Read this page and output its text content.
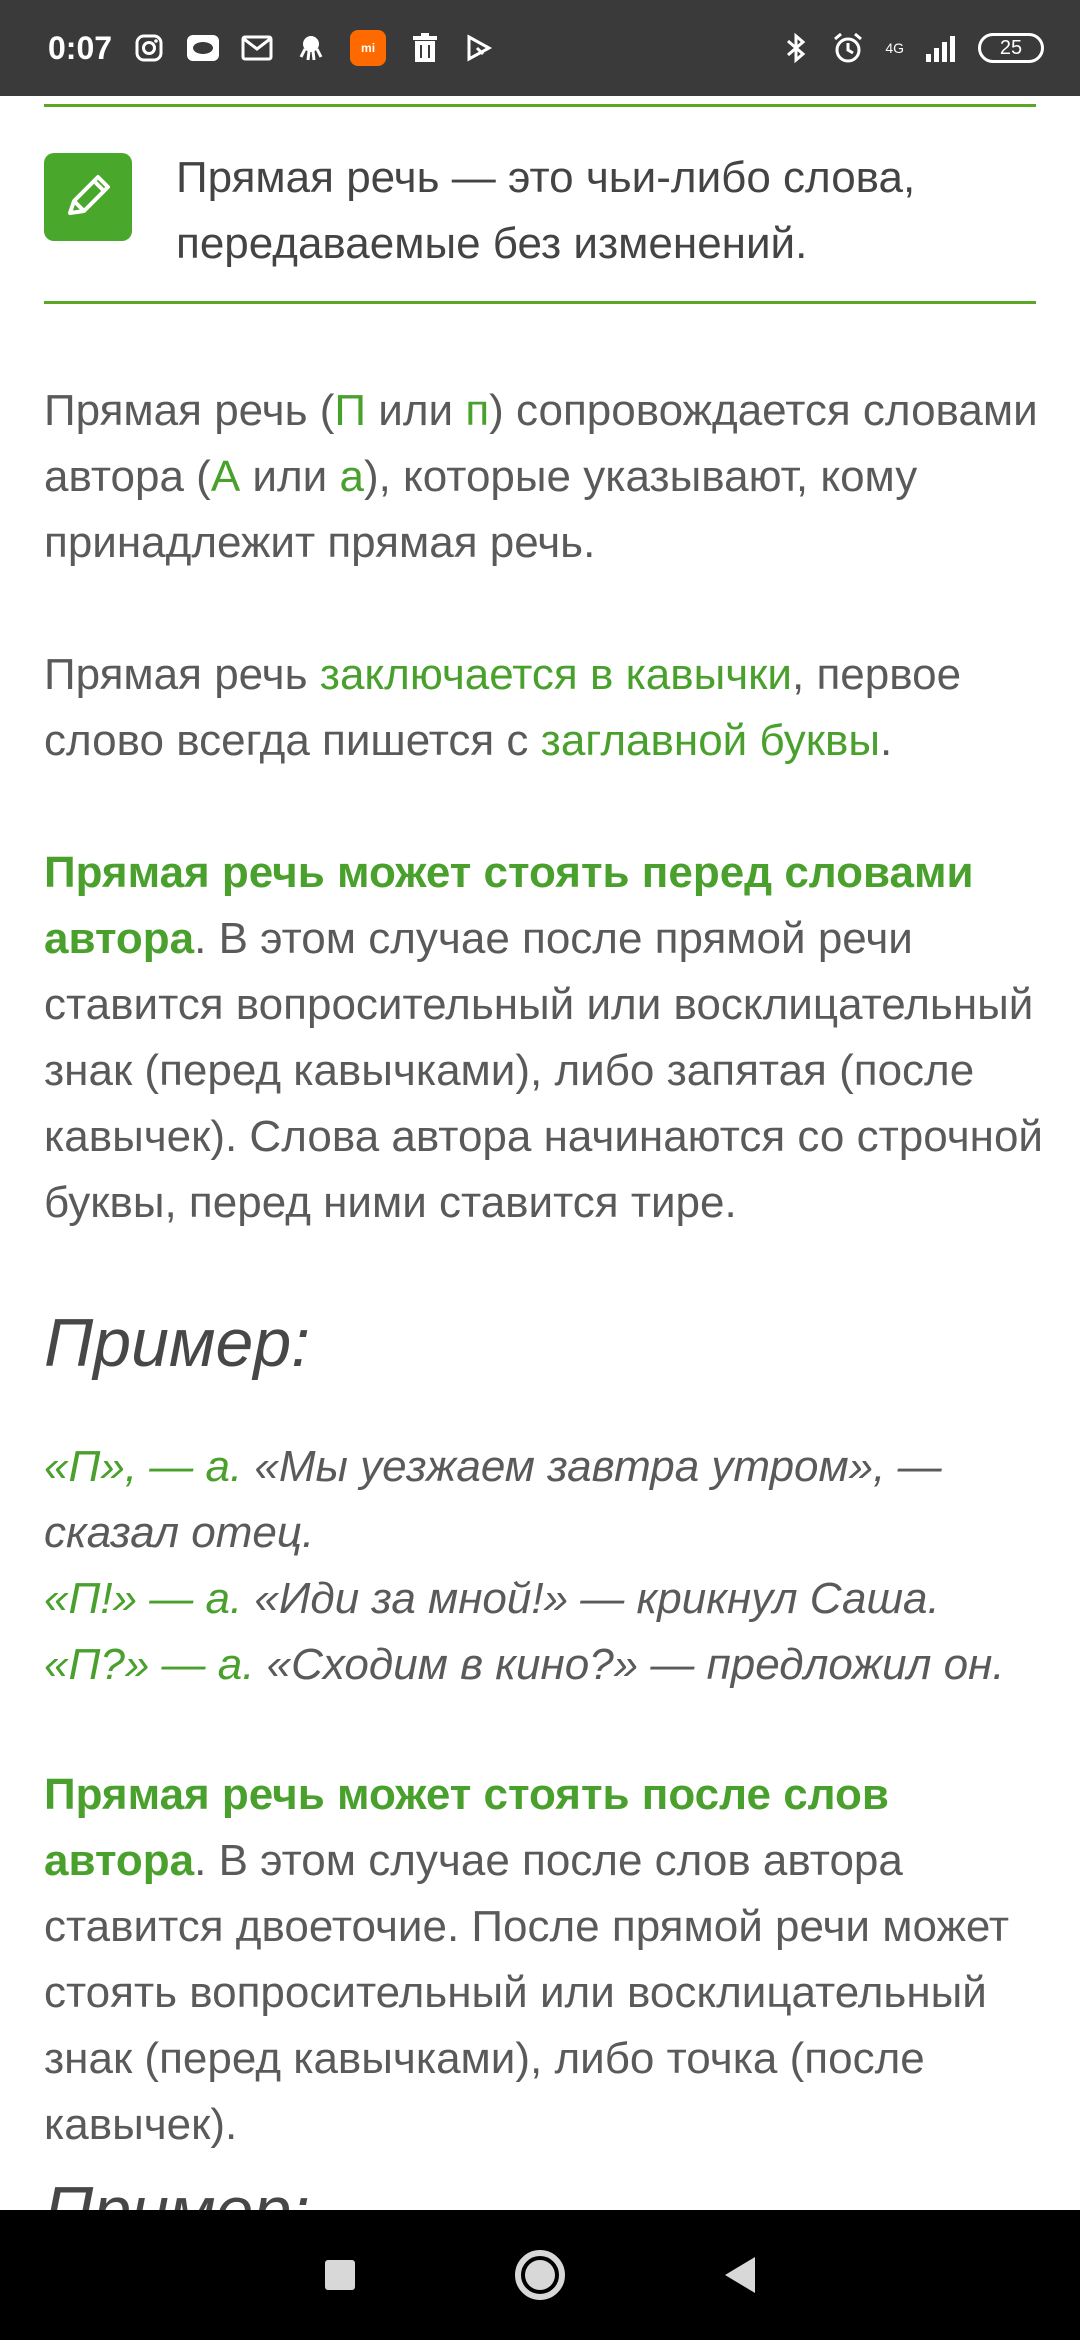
0:07	mi	4G	25
Прямая речь — это чьи-либо слова, передаваемые без изменений.
Прямая речь (П или п) сопровождается словами автора (А или а), которые указывают, кому принадлежит прямая речь.
Прямая речь заключается в кавычки, первое слово всегда пишется с заглавной буквы.
Прямая речь может стоять перед словами автора. В этом случае после прямой речи ставится вопросительный или восклицательный знак (перед кавычками), либо запятая (после кавычек). Слова автора начинаются со строчной буквы, перед ними ставится тире.
Пример:
«П», — а. «Мы уезжаем завтра утром», — сказал отец.
«П!» — а. «Иди за мной!» — крикнул Саша.
«П?» — а. «Сходим в кино?» — предложил он.
Прямая речь может стоять после слов автора. В этом случае после слов автора ставится двоеточие. После прямой речи может стоять вопросительный или восклицательный знак (перед кавычками), либо точка (после кавычек).
